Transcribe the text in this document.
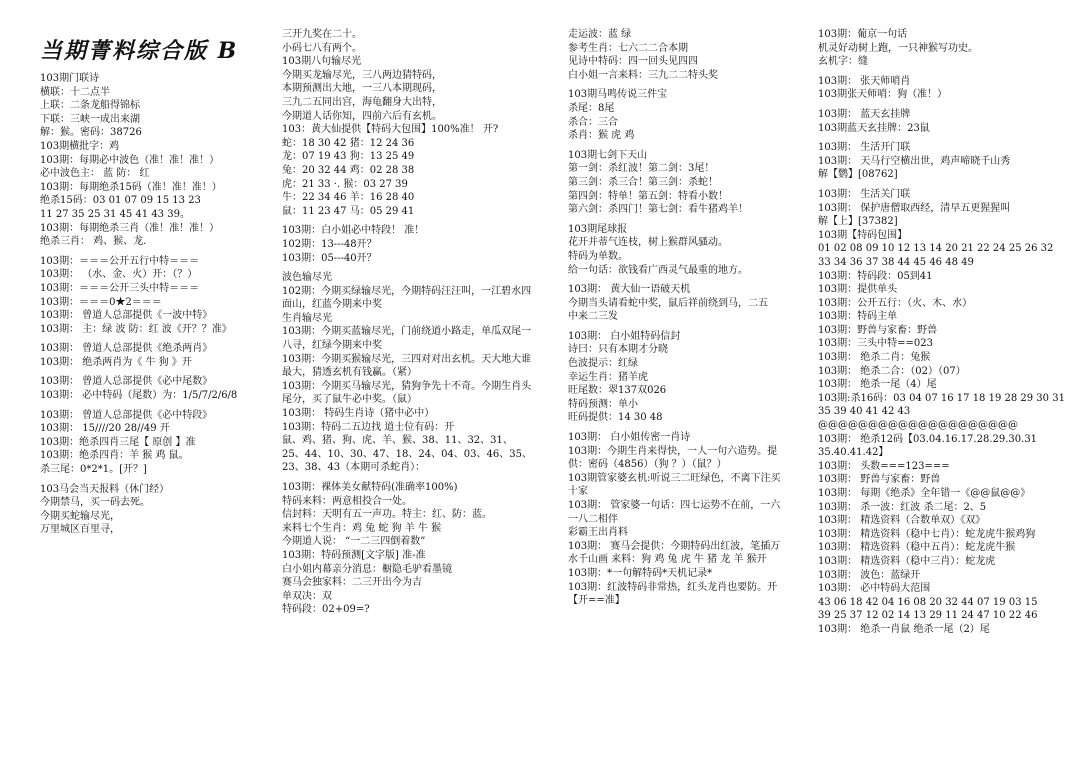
当期菁料综合版 B
103期门联诗
横联：十二点半
上联：二条龙船得锦标
下联：三峡一成出来湖
解：猴。密码：38726
103期横批字：鸡
103期：每期必中波色（准！准！准！）
必中波色主： 蓝 防： 红
103期：每期绝杀15码（准！准！准！）
绝杀15码：03 01 07 09 15 13 23
11 27 35 25 31 45 41 43 39。
103期：每期绝杀三肖（准！准！准！）
绝杀三肖： 鸡、猴、龙.
103期：＝＝＝公开五行中特＝＝＝
103期： （水、金、火）开：（？）
103期：＝＝＝公开三头中特＝＝＝
103期：＝＝＝0★2＝＝＝
103期： 曾道人总部提供《一波中特》
103期： 主：绿 波 防：红 波《开？？准》
103期： 曾道人总部提供《绝杀两肖》
103期： 绝杀两肖为《 牛 狗 》开
103期： 曾道人总部提供《必中尾数》
103期： 必中特码（尾数）为：1/5/7/2/6/8
103期： 曾道人总部提供《必中特段》
103期： 15////20 28//49 开
103期：绝杀四肖三尾【 原创 】准
103期：绝杀四肖：羊 猴 鸡 鼠。
杀三尾：0*2*1。[开？]
103马会当天报料（休门经）
今期禁马，买一码去死。
今期买蛇输尽光，
万里城区百里寻，
三开九奖在二十。
小码七八有两个。
103期八句输尽光
今期买龙输尽光，三八两边猜特码，
本期预测出大地，一三八本期现码，
三九二五同出宫，海龟翻身大出特，
今期道人话你知，四前六后有玄机。
103：黄大仙提供【特码大包围】100%准！ 开?
蛇：18 30 42 猪：12 24 36
龙：07 19 43 狗：13 25 49
兔：20 32 44 鸡：02 28 38
虎：21 33 ·. 猴：03 27 39
牛：22 34 46 羊：16 28 40
鼠：11 23 47 马：05 29 41
103期：白小姐必中特段！ 准！
102期：13---48开？
103期：05---40开？
波色输尽光
102期：今期买绿输尽光，今期特码汪汪叫，一江碧水四
面山，红蓝今期来中奖
生肖输尽光
103期：今期买蓝输尽光，门前绕道小路走，单瓜双尾一
八寻，红绿今期来中奖
103期：今期买猴输尽光，三四对对出玄机。天大地大谁
最大，猜透玄机有钱赢。（紧）
103期：今期买马输尽光，猜狗争先十不奇。今期生肖头
尾分，买了鼠牛必中奖。（鼠）
103期： 特码生肖诗（猪中必中）
103期：特码二五边找 道士位有码：开
鼠、鸡、猪、狗、虎、羊、猴、38、11、32、31、
25、44、10、30、47、18、24、04、03、46、35、
23、38、43（本期可杀蛇肖）：
103期：裸体美女献特码(准确率100%)
特码来料：两意相投合一处。
信封料：天明有五一声功。特主：红、防：蓝。
来料七个生肖：鸡 兔 蛇 狗 羊 牛 猴
今期道人说： “一二三四倒着数”
103期：特码预测[文字版] 准-准
白小姐内幕亲分消息：橱隐毛驴看墨镜
赛马会独家料：二三开出今为吉
单双决：双
特码段：02+09=?
走运波：蓝 绿
参考生肖：七六二二合本期
见诗中特码：四一回头见四四
白小姐一言来料：三九二二特头奖
103期马鸣传说三件宝
杀尾：8尾
杀合：三合
杀肖：猴 虎 鸡
103期七剑下天山
第一剑：杀红波！第二剑：3尾！
第三剑：杀三合！第三剑：杀蛇！
第四剑：特单！第五剑：特看小数！
第六剑：杀四门！第七剑：看牛猪鸡羊！
103期尾球报
花开并蒂气连枝，树上猴群风骚动。
特码为单数。
给一句话：欲钱看广西灵气最重的地方。
103期： 黄大仙一语破天机
今期当头请看蛇中奖，鼠后祥前绕到马，二五
中来二三发
103期： 白小姐特码信封
诗曰：只有本期才分晓
色波提示：红绿
幸运生肖：猪羊虎
旺尾数：翠137双026
特码预测：单小
旺码提供：14 30 48
103期： 白小姐传密一肖诗
103期：今期生肖来得快，一人一句六造势。提
供：密码（4856）（狗 ？）（鼠？）
103期管家婆玄机:听说三二旺绿色，不离下注买
十家
103期： 管家婆一句话：四七运势不在前，一六
一八二相伴
彩霸王出肖料
103期： 赛马会提供：今期特码出红波，笔插万
水千山画 来料：狗 鸡 兔 虎 牛 猪 龙 羊 猴开
103期：*一句解特码*天机记录*
103期：红波特码非常热，红头龙肖也要防。开
【开==准】
103期：葡京一句话
机灵好动树上跑，一只神猴写功史。
玄机字：缝
103期： 张天师哨肖
103期张天师哨：狗（准！）
103期： 蓝天玄挂牌
103期蓝天玄挂牌：23鼠
103期： 生活开门联
103期： 天马行空横出世，鸡声啼晓千山秀
解【鹦】[08762]
103期： 生活关门联
103期： 保护唐僧取西经，清早五更猩猩叫
解【上】[37382]
103期【特码包围】
01 02 08 09 10 12 13 14 20 21 22 24 25 26 32
33 34 36 37 38 44 45 46 48 49
103期：特码段：05到41
103期：提供单头
103期：公开五行：（火、木、水）
103期：特码主单
103期：野兽与家畜：野兽
103期：三头中特==023
103期： 绝杀二肖：兔猴
103期： 绝杀二合：（02）（07）
103期： 绝杀一尾（4）尾
103期:杀16码：03 04 07 16 17 18 19 28 29 30 31
35 39 40 41 42 43
@@@@@@@@@@@@@@@@@@@@
103期： 绝杀12码【03.04.16.17.28.29.30.31
35.40.41.42】
103期： 头数===123===
103期： 野兽与家畜：野兽
103期： 每期《绝杀》全年错一《@@鼠@@》
103期： 杀一波：红波 杀二尾：2、5
103期： 精选资料（合数单双）《双》
103期： 精选资料（稳中七肖）：蛇龙虎牛猴鸡狗
103期： 精选资料（稳中五肖）：蛇龙虎牛猴
103期： 精选资料（稳中三肖）：蛇龙虎
103期： 波色：蓝绿开
103期： 必中特码大范围
43 06 18 42 04 16 08 20 32 44 07 19 03 15
39 25 37 12 02 14 13 29 11 24 47 10 22 46
103期： 绝杀一肖鼠 绝杀一尾（2）尾
